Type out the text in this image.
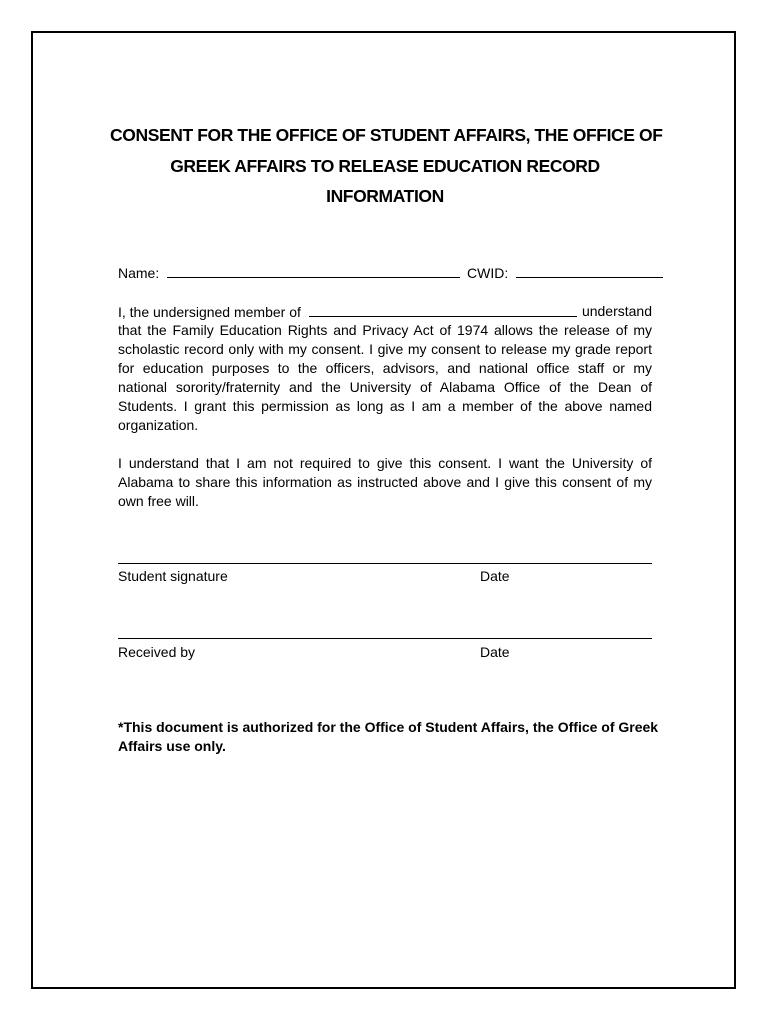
CONSENT FOR THE OFFICE OF STUDENT AFFAIRS, THE OFFICE OF
GREEK AFFAIRS TO RELEASE EDUCATION RECORD
INFORMATION
Name:	CWID:
I, the undersigned member of	understand
that the Family Education Rights and Privacy Act of 1974 allows the release of my
scholastic record only with my consent. I give my consent to release my grade report
for education purposes to the officers, advisors, and national office staff or my
national sorority/fraternity and the University of Alabama Office of the Dean of
Students. I grant this permission as long as I am a member of the above named
organization.
I understand that I am not required to give this consent. I want the University of
Alabama to share this information as instructed above and I give this consent of my
own free will.
Student signature	Date
Received by	Date
*This document is authorized for the Office of Student Affairs, the Office of Greek
Affairs use only.
